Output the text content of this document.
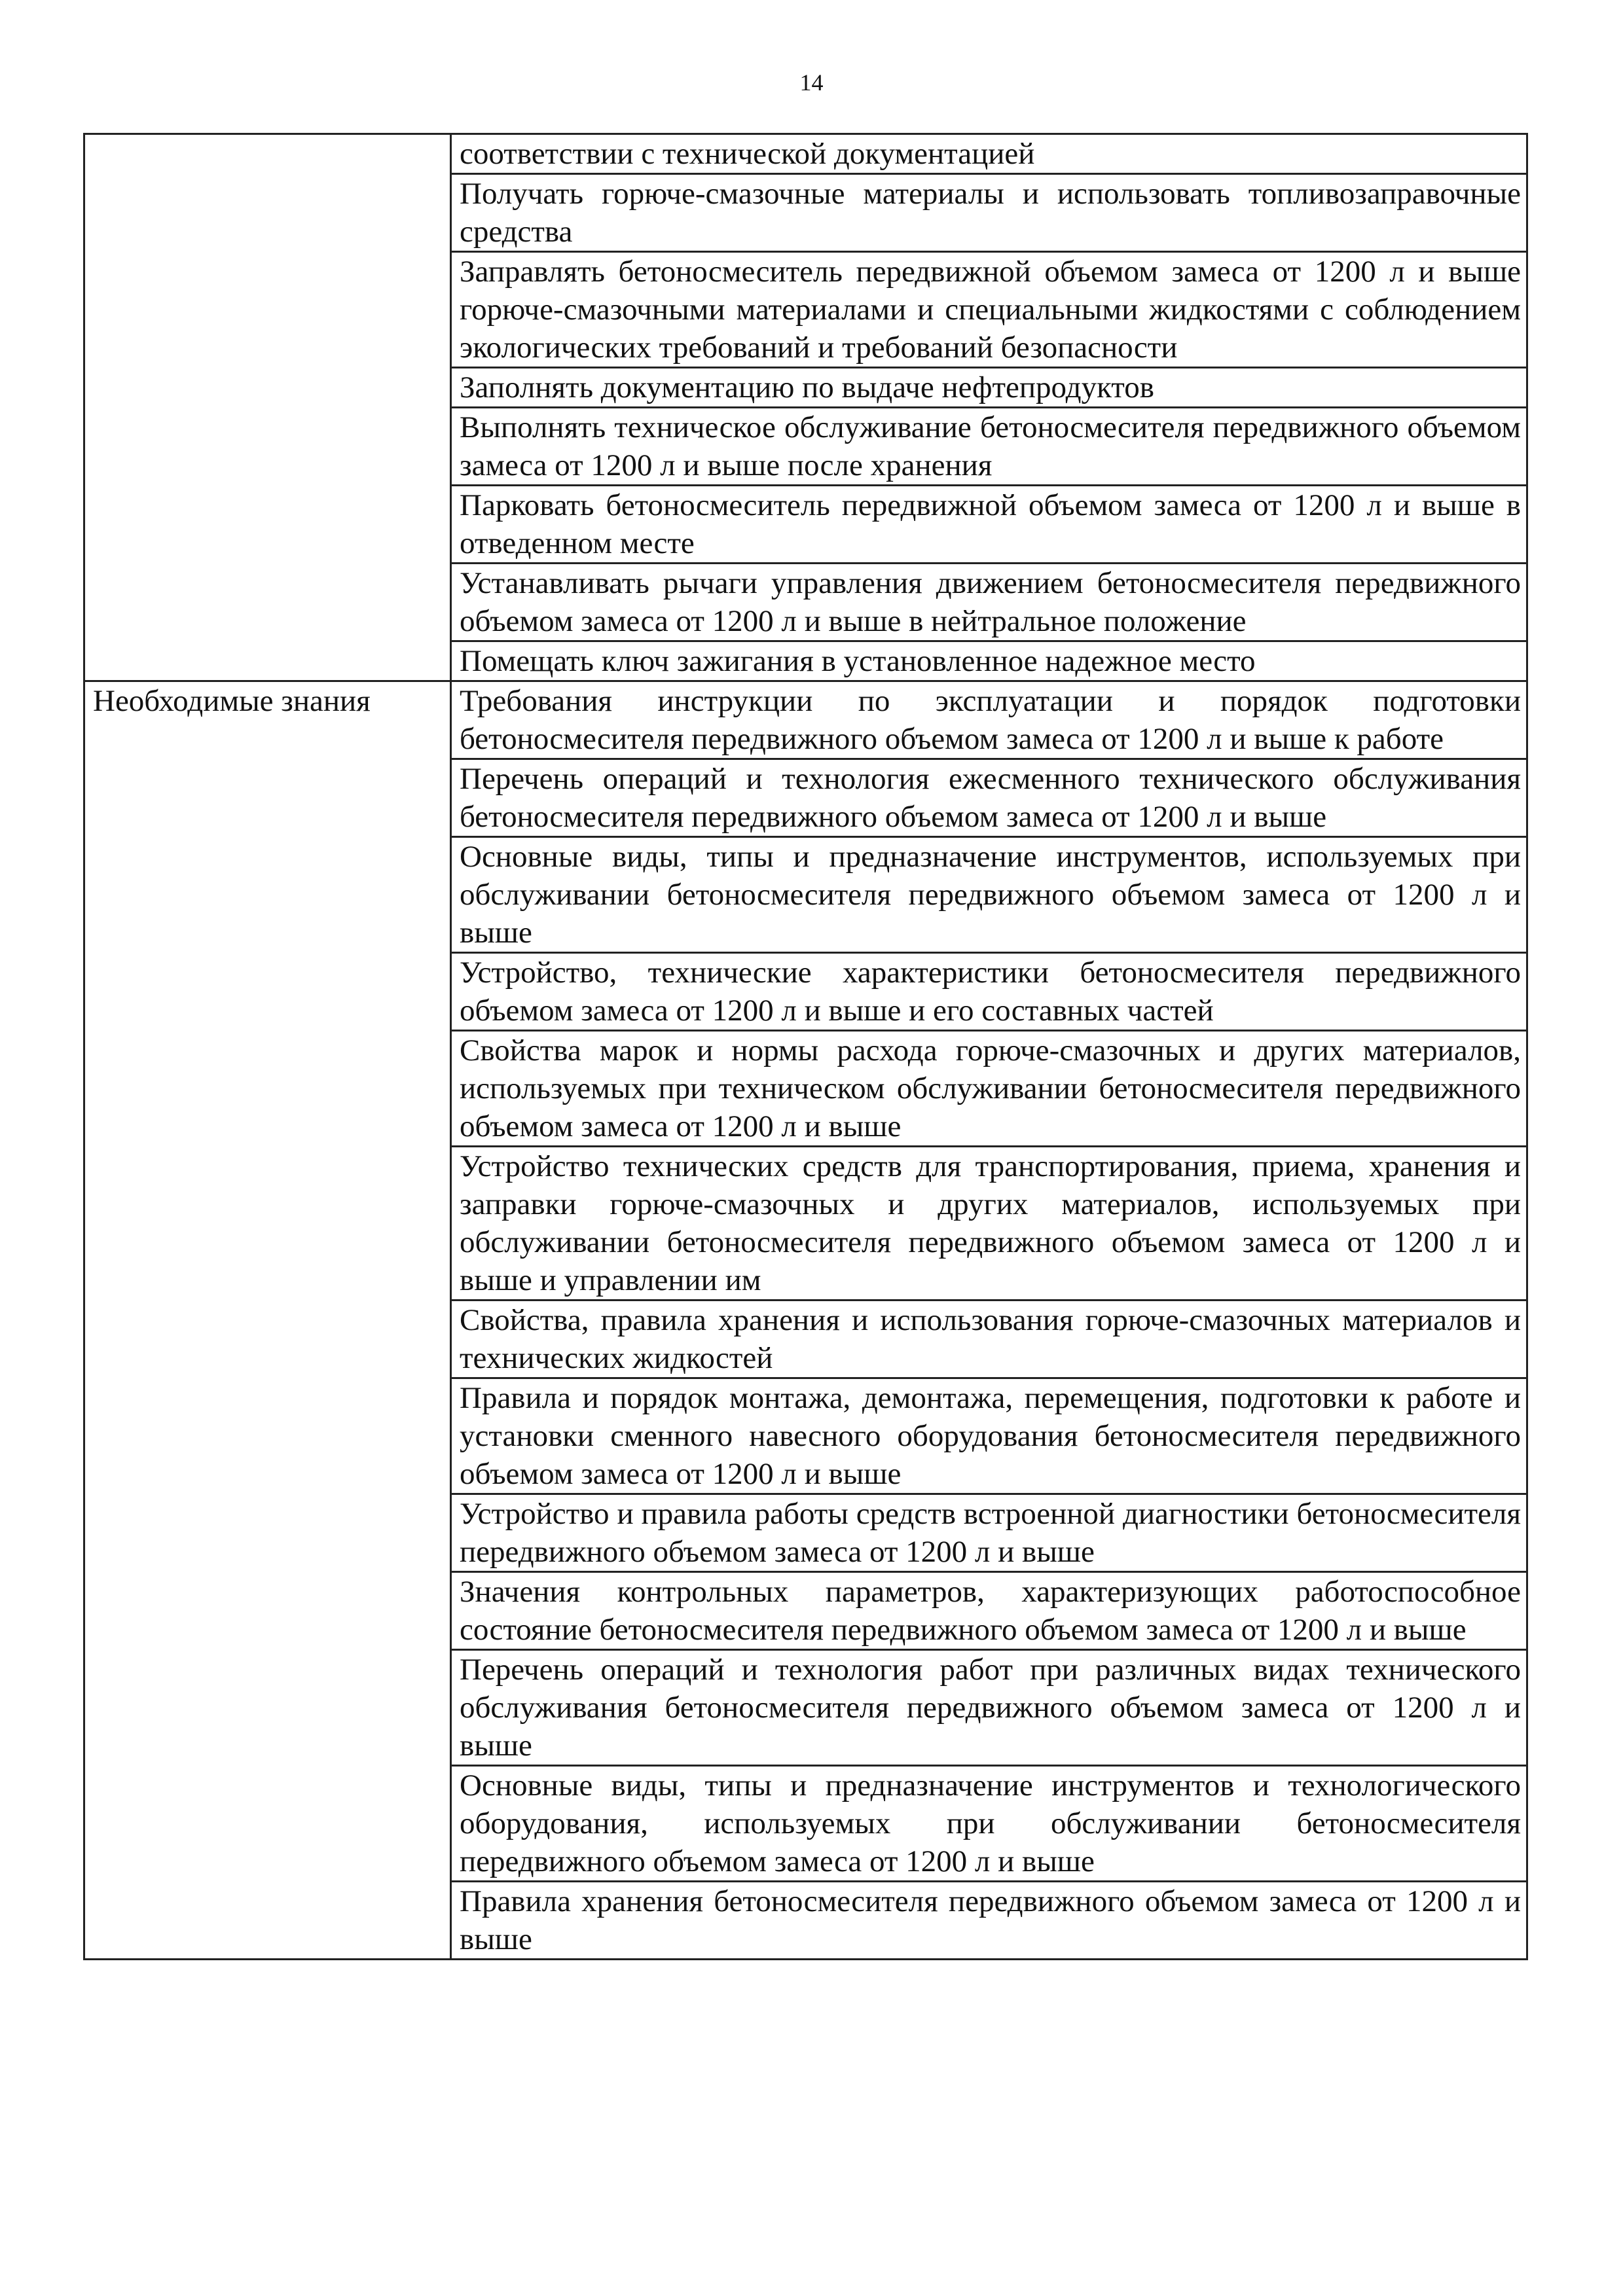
14
	соответствии с технической документацией
	Получать горюче-смазочные материалы и использовать топливозаправочные средства
	Заправлять бетоносмеситель передвижной объемом замеса от 1200 л и выше горюче-смазочными материалами и специальными жидкостями с соблюдением экологических требований и требований безопасности
	Заполнять документацию по выдаче нефтепродуктов
	Выполнять техническое обслуживание бетоносмесителя передвижного объемом замеса от 1200 л и выше после хранения
	Парковать бетоносмеситель передвижной объемом замеса от 1200 л и выше в отведенном месте
	Устанавливать рычаги управления движением бетоносмесителя передвижного объемом замеса от 1200 л и выше в нейтральное положение
	Помещать ключ зажигания в установленное надежное место
Необходимые знания	Требования инструкции по эксплуатации и порядок подготовки бетоносмесителя передвижного объемом замеса от 1200 л и выше к работе
	Перечень операций и технология ежесменного технического обслуживания бетоносмесителя передвижного объемом замеса от 1200 л и выше
	Основные виды, типы и предназначение инструментов, используемых при обслуживании бетоносмесителя передвижного объемом замеса от 1200 л и выше
	Устройство, технические характеристики бетоносмесителя передвижного объемом замеса от 1200 л и выше и его составных частей
	Свойства марок и нормы расхода горюче-смазочных и других материалов, используемых при техническом обслуживании бетоносмесителя передвижного объемом замеса от 1200 л и выше
	Устройство технических средств для транспортирования, приема, хранения и заправки горюче-смазочных и других материалов, используемых при обслуживании бетоносмесителя передвижного объемом замеса от 1200 л и выше и управлении им
	Свойства, правила хранения и использования горюче-смазочных материалов и технических жидкостей
	Правила и порядок монтажа, демонтажа, перемещения, подготовки к работе и установки сменного навесного оборудования бетоносмесителя передвижного объемом замеса от 1200 л и выше
	Устройство и правила работы средств встроенной диагностики бетоносмесителя передвижного объемом замеса от 1200 л и выше
	Значения контрольных параметров, характеризующих работоспособное состояние бетоносмесителя передвижного объемом замеса от 1200 л и выше
	Перечень операций и технология работ при различных видах технического обслуживания бетоносмесителя передвижного объемом замеса от 1200 л и выше
	Основные виды, типы и предназначение инструментов и технологического оборудования, используемых при обслуживании бетоносмесителя передвижного объемом замеса от 1200 л и выше
	Правила хранения бетоносмесителя передвижного объемом замеса от 1200 л и выше
